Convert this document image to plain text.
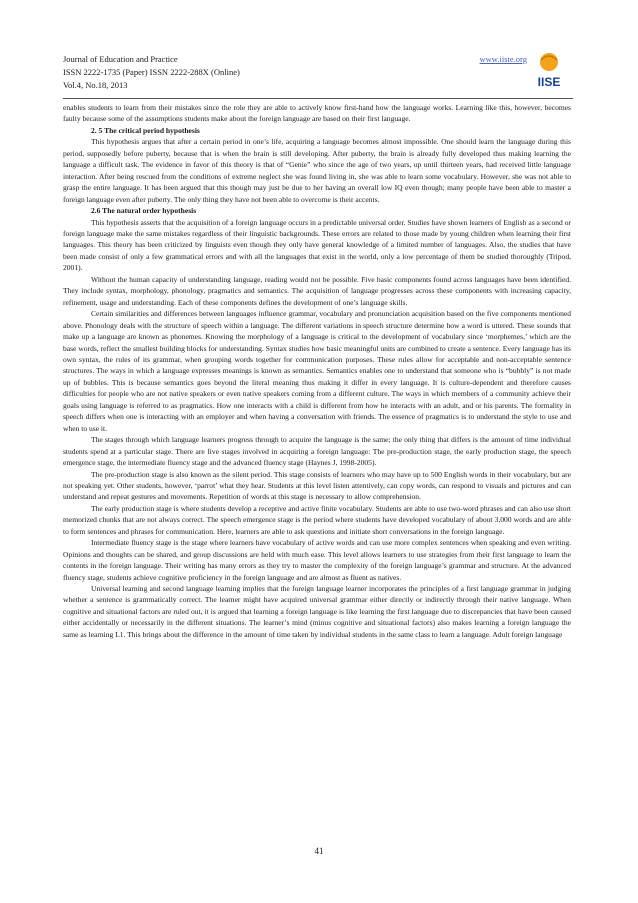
Journal of Education and Practice
ISSN 2222-1735 (Paper) ISSN 2222-288X (Online)
Vol.4, No.18, 2013
www.iiste.org
IISE

enables students to learn from their mistakes since the role they are able to actively know first-hand how the language works. Learning like this, however, becomes faulty because some of the assumptions students make about the foreign language are based on their first language.

2. 5 The critical period hypothesis

This hypothesis argues that after a certain period in one’s life, acquiring a language becomes almost impossible. One should learn the language during this period, supposedly before puberty, because that is when the brain is still developing. After puberty, the brain is already fully developed thus making learning the language a difficult task. The evidence in favor of this theory is that of “Genie” who since the age of two years, up until thirteen years, had received little language interaction. After being rescued from the conditions of extreme neglect she was found living in, she was able to learn some vocabulary. However, she was not able to grasp the entire language. It has been argued that this though may just be due to her having an overall low IQ even though; many people have been able to master a foreign language even after puberty. The only thing they have not been able to overcome is their accents.

2.6 The natural order hypothesis

This hypothesis asserts that the acquisition of a foreign language occurs in a predictable universal order. Studies have shown learners of English as a second or foreign language make the same mistakes regardless of their linguistic backgrounds. These errors are related to those made by young children when learning their first languages. This theory has been criticized by linguists even though they only have general knowledge of a limited number of languages. Also, the studies that have been made consist of only a few grammatical errors and with all the languages that exist in the world, only a low percentage of them be studied thoroughly (Tripod, 2001).

Without the human capacity of understanding language, reading would not be possible. Five basic components found across languages have been identified. They include syntax, morphology, phonology, pragmatics and semantics. The acquisition of language progresses across these components with increasing capacity, refinement, usage and understanding. Each of these components defines the development of one’s language skills.

Certain similarities and differences between languages influence grammar, vocabulary and pronunciation acquisition based on the five components mentioned above. Phonology deals with the structure of speech within a language. The different variations in speech structure determine how a word is uttered. These sounds that make up a language are known as phonemes. Knowing the morphology of a language is critical to the development of vocabulary since ‘morphemes,’ which are the base words, reflect the smallest building blocks for understanding. Syntax studies how basic meaningful units are combined to create a sentence. Every language has its own syntax, the rules of its grammar, when grouping words together for communication purposes. These rules allow for acceptable and non-acceptable sentence structures. The ways in which a language expresses meanings is known as semantics. Semantics enables one to understand that someone who is “bubbly” is not made up of bubbles. This is because semantics goes beyond the literal meaning thus making it differ in every language. It is culture-dependent and therefore causes difficulties for people who are not native speakers or even native speakers coming from a different culture. The ways in which members of a community achieve their goals using language is referred to as pragmatics. How one interacts with a child is different from how he interacts with an adult, and or his parents. The formality in speech differs when one is interacting with an employer and when having a conversation with friends. The essence of pragmatics is to understand the style to use and when to use it.

The stages through which language learners progress through to acquire the language is the same; the only thing that differs is the amount of time individual students spend at a particular stage. There are five stages involved in acquiring a foreign language: The pre-production stage, the early production stage, the speech emergence stage, the intermediate fluency stage and the advanced fluency stage (Haynes J, 1998-2005).

The pre-production stage is also known as the silent period. This stage consists of learners who may have up to 500 English words in their vocabulary, but are not speaking yet. Other students, however, ‘parrot’ what they hear. Students at this level listen attentively, can copy words, can respond to visuals and pictures and can understand and repeat gestures and movements. Repetition of words at this stage is necessary to allow comprehension.

The early production stage is where students develop a receptive and active finite vocabulary. Students are able to use two-word phrases and can also use short memorized chunks that are not always correct. The speech emergence stage is the period where students have developed vocabulary of about 3,000 words and are able to form sentences and phrases for communication. Here, learners are able to ask questions and initiate short conversations in the foreign language.

Intermediate fluency stage is the stage where learners have vocabulary of active words and can use more complex sentences when speaking and even writing. Opinions and thoughts can be shared, and group discussions are held with much ease. This level allows learners to use strategies from their first language to learn the contents in the foreign language. Their writing has many errors as they try to master the complexity of the foreign language’s grammar and structure. At the advanced fluency stage, students achieve cognitive proficiency in the foreign language and are almost as fluent as natives.

Universal learning and second language learning implies that the foreign language learner incorporates the principles of a first language grammar in judging whether a sentence is grammatically correct. The learner might have acquired universal grammar either directly or indirectly through their native language. When cognitive and situational factors are ruled out, it is argued that learning a foreign language is like learning the first language due to discrepancies that have been caused either accidentally or necessarily in the different situations. The learner’s mind (minus cognitive and situational factors) also makes learning a foreign language the same as learning L1. This brings about the difference in the amount of time taken by individual students in the same class to learn a language. Adult foreign language

41
